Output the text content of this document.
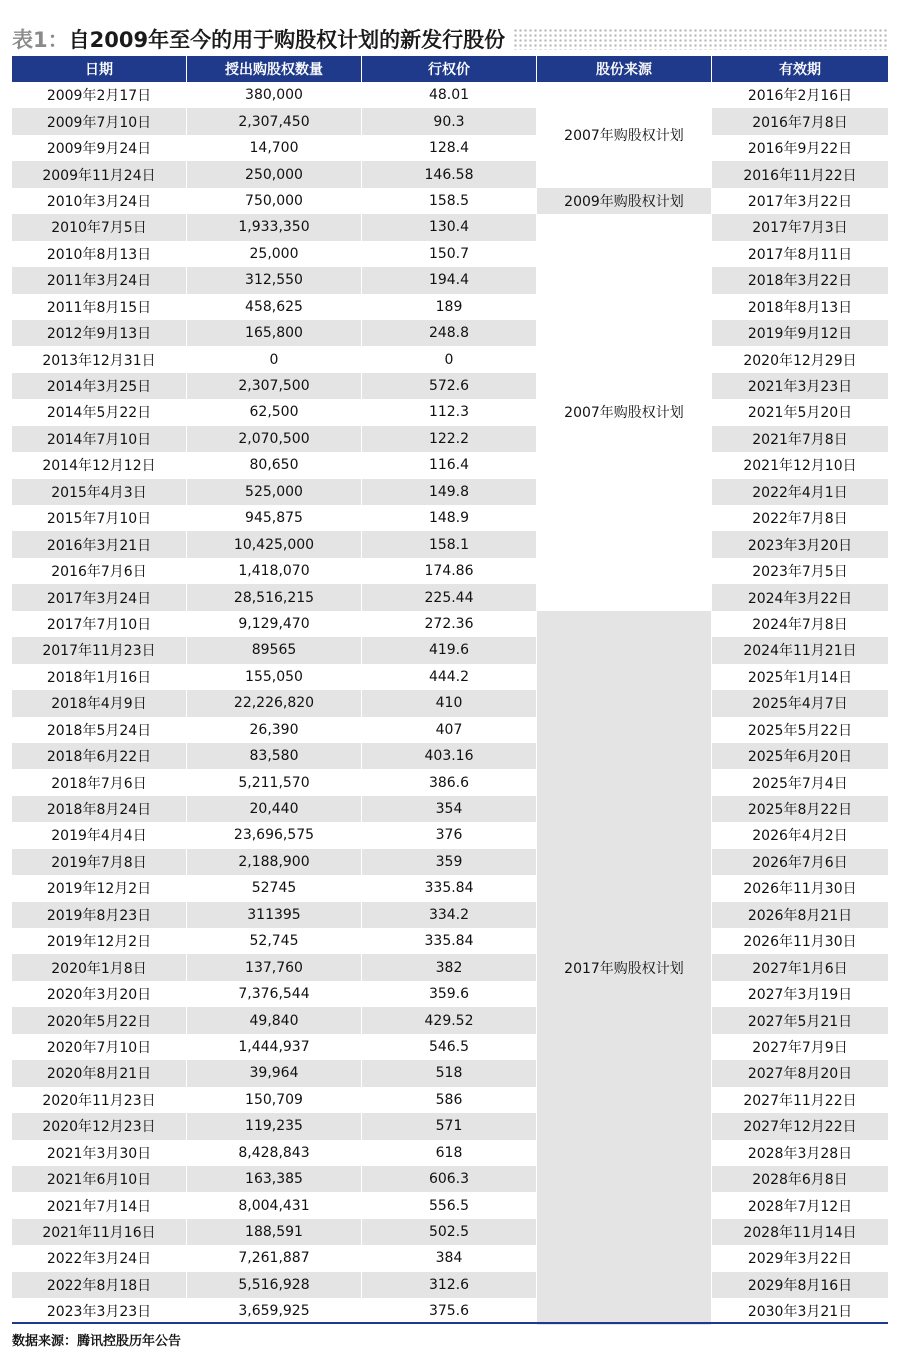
表1： 自2009年至今的用于购股权计划的新发行股份
日期	授出购股权数量	行权价	股份来源	有效期
2009年2月17日	380,000	48.01	2007年购股权计划	2016年2月16日
2009年7月10日	2,307,450	90.3		2016年7月8日
2009年9月24日	14,700	128.4		2016年9月22日
2009年11月24日	250,000	146.58		2016年11月22日
2010年3月24日	750,000	158.5	2009年购股权计划	2017年3月22日
2010年7月5日	1,933,350	130.4	2007年购股权计划	2017年7月3日
2010年8月13日	25,000	150.7		2017年8月11日
2011年3月24日	312,550	194.4		2018年3月22日
2011年8月15日	458,625	189		2018年8月13日
2012年9月13日	165,800	248.8		2019年9月12日
2013年12月31日	0	0		2020年12月29日
2014年3月25日	2,307,500	572.6		2021年3月23日
2014年5月22日	62,500	112.3		2021年5月20日
2014年7月10日	2,070,500	122.2		2021年7月8日
2014年12月12日	80,650	116.4		2021年12月10日
2015年4月3日	525,000	149.8		2022年4月1日
2015年7月10日	945,875	148.9		2022年7月8日
2016年3月21日	10,425,000	158.1		2023年3月20日
2016年7月6日	1,418,070	174.86		2023年7月5日
2017年3月24日	28,516,215	225.44		2024年3月22日
2017年7月10日	9,129,470	272.36	2017年购股权计划	2024年7月8日
2017年11月23日	89565	419.6		2024年11月21日
2018年1月16日	155,050	444.2		2025年1月14日
2018年4月9日	22,226,820	410		2025年4月7日
2018年5月24日	26,390	407		2025年5月22日
2018年6月22日	83,580	403.16		2025年6月20日
2018年7月6日	5,211,570	386.6		2025年7月4日
2018年8月24日	20,440	354		2025年8月22日
2019年4月4日	23,696,575	376		2026年4月2日
2019年7月8日	2,188,900	359		2026年7月6日
2019年12月2日	52745	335.84		2026年11月30日
2019年8月23日	311395	334.2		2026年8月21日
2019年12月2日	52,745	335.84		2026年11月30日
2020年1月8日	137,760	382		2027年1月6日
2020年3月20日	7,376,544	359.6		2027年3月19日
2020年5月22日	49,840	429.52		2027年5月21日
2020年7月10日	1,444,937	546.5		2027年7月9日
2020年8月21日	39,964	518		2027年8月20日
2020年11月23日	150,709	586		2027年11月22日
2020年12月23日	119,235	571		2027年12月22日
2021年3月30日	8,428,843	618		2028年3月28日
2021年6月10日	163,385	606.3		2028年6月8日
2021年7月14日	8,004,431	556.5		2028年7月12日
2021年11月16日	188,591	502.5		2028年11月14日
2022年3月24日	7,261,887	384		2029年3月22日
2022年8月18日	5,516,928	312.6		2029年8月16日
2023年3月23日	3,659,925	375.6		2030年3月21日
数据来源：腾讯控股历年公告
